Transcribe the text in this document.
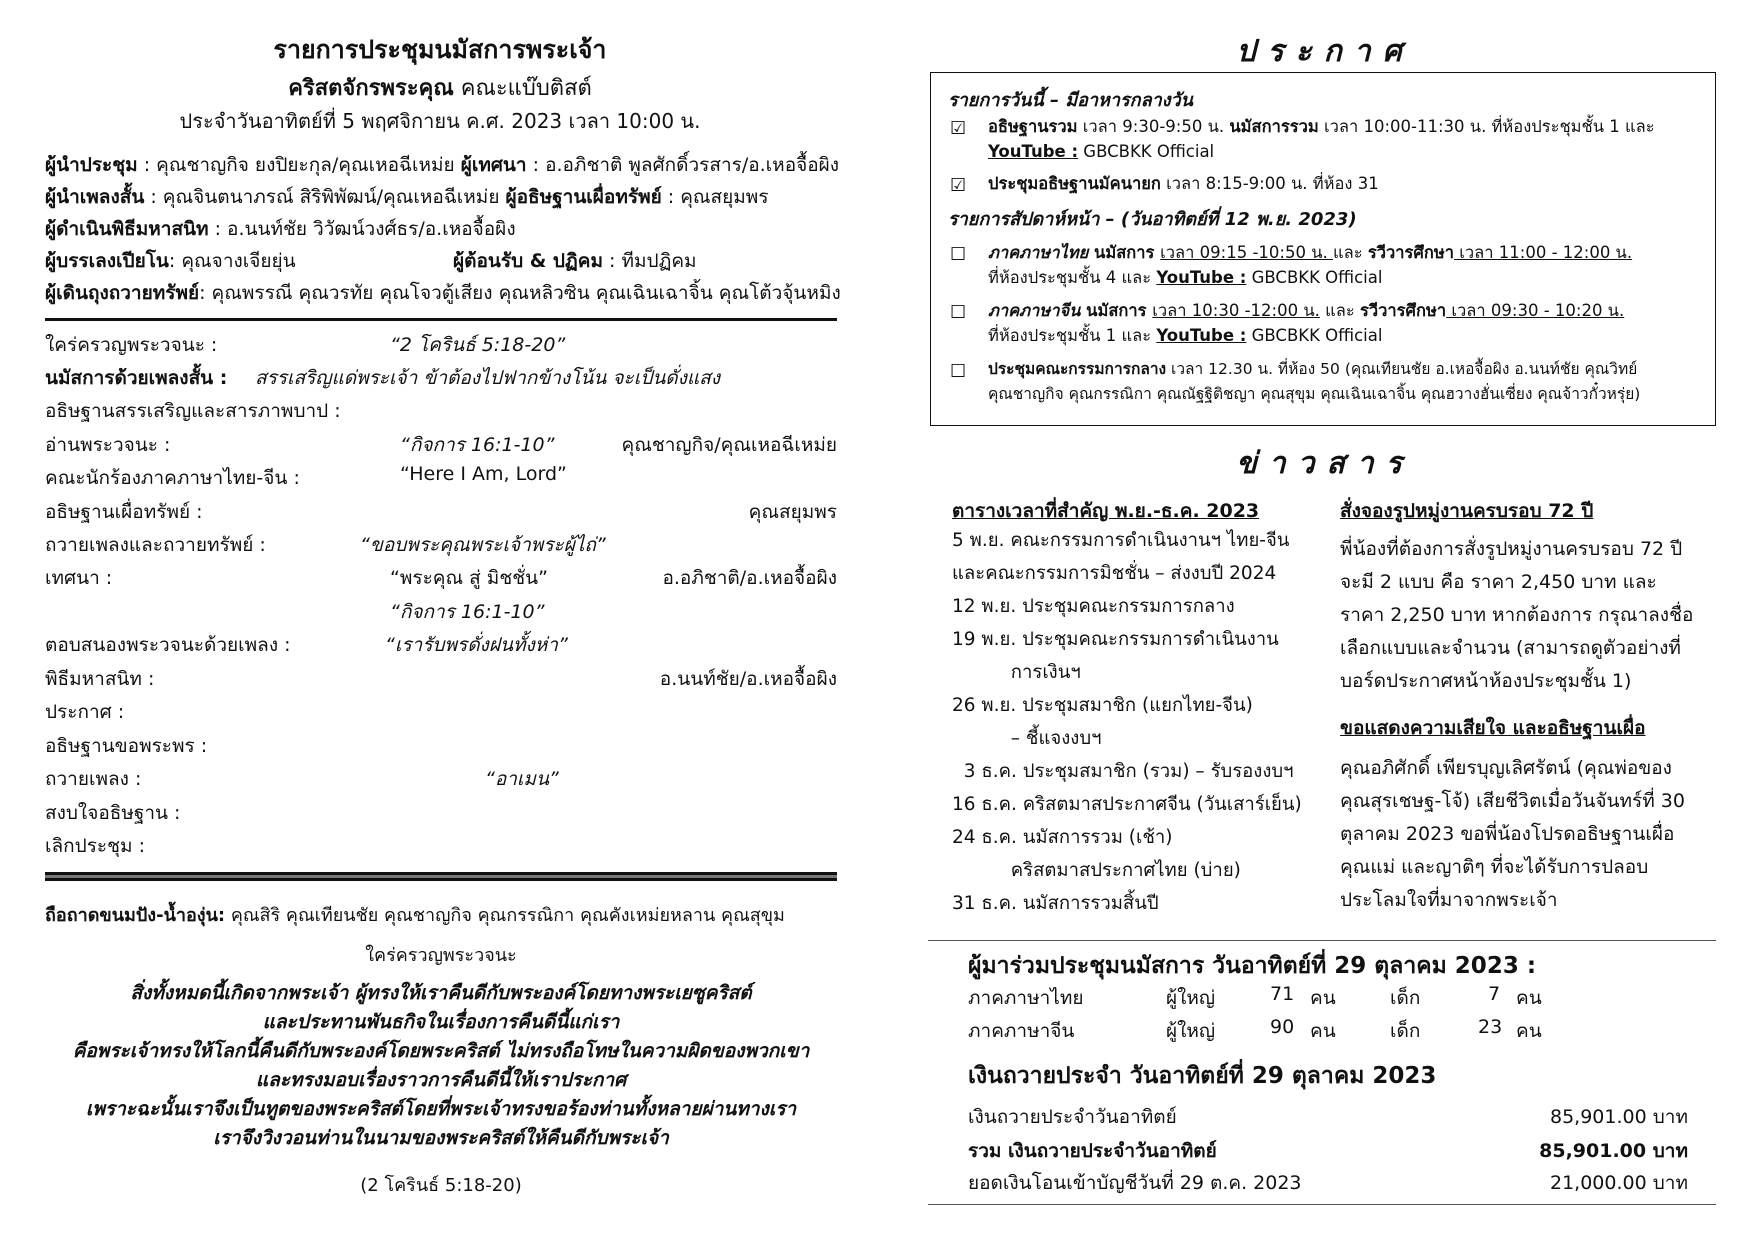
รายการประชุมนมัสการพระเจ้า
คริสตจักรพระคุณ คณะแบ๊บติสต์
ประจำวันอาทิตย์ที่ 5 พฤศจิกายน ค.ศ. 2023 เวลา 10:00 น.
ผู้นำประชุม : คุณชาญกิจ ยงปิยะกุล/คุณเหอฉีเหม่ย ผู้เทศนา : อ.อภิชาติ พูลศักดิ์วรสาร/อ.เหอจื้อผิง
ผู้นำเพลงสั้น : คุณจินตนาภรณ์ สิริพิพัฒน์/คุณเหอฉีเหม่ย ผู้อธิษฐานเผื่อทรัพย์ : คุณสยุมพร
ผู้ดำเนินพิธีมหาสนิท : อ.นนท์ชัย วิวัฒน์วงศ์ธร/อ.เหอจื้อผิง
ผู้บรรเลงเปียโน: คุณจางเจียยุ่น	ผู้ต้อนรับ & ปฏิคม : ทีมปฏิคม
ผู้เดินถุงถวายทรัพย์: คุณพรรณี คุณวรทัย คุณโจวตู้เสียง คุณหลิวซิน คุณเฉินเฉาจิ้น คุณโต้วจุ้นหมิง
ใคร่ครวญพระวจนะ :	“2 โครินธ์ 5:18-20”
นมัสการด้วยเพลงสั้น : สรรเสริญแด่พระเจ้า ข้าต้องไปฟากข้างโน้น จะเป็นดั่งแสง
อธิษฐานสรรเสริญและสารภาพบาป :
อ่านพระวจนะ :	“กิจการ 16:1-10”	คุณชาญกิจ/คุณเหอฉีเหม่ย
คณะนักร้องภาคภาษาไทย-จีน :	“Here I Am, Lord”
อธิษฐานเผื่อทรัพย์ :	คุณสยุมพร
ถวายเพลงและถวายทรัพย์ :	“ขอบพระคุณพระเจ้าพระผู้ไถ่”
เทศนา :	“พระคุณ สู่ มิชชั่น”	อ.อภิชาติ/อ.เหอจื้อผิง
“กิจการ 16:1-10”
ตอบสนองพระวจนะด้วยเพลง :	“เรารับพรดั่งฝนทั้งห่า”
พิธีมหาสนิท :	อ.นนท์ชัย/อ.เหอจื้อผิง
ประกาศ :
อธิษฐานขอพระพร :
ถวายเพลง :	“อาเมน”
สงบใจอธิษฐาน :
เลิกประชุม :
ถือถาดขนมปัง-น้ำองุ่น: คุณสิริ คุณเทียนชัย คุณชาญกิจ คุณกรรณิกา คุณคังเหม่ยหลาน คุณสุขุม
ใคร่ครวญพระวจนะ
สิ่งทั้งหมดนี้เกิดจากพระเจ้า ผู้ทรงให้เราคืนดีกับพระองค์โดยทางพระเยซูคริสต์
และประทานพันธกิจในเรื่องการคืนดีนี้แก่เรา
คือพระเจ้าทรงให้โลกนี้คืนดีกับพระองค์โดยพระคริสต์ ไม่ทรงถือโทษในความผิดของพวกเขา
และทรงมอบเรื่องราวการคืนดีนี้ให้เราประกาศ
เพราะฉะนั้นเราจึงเป็นทูตของพระคริสต์โดยที่พระเจ้าทรงขอร้องท่านทั้งหลายผ่านทางเรา
เราจึงวิงวอนท่านในนามของพระคริสต์ให้คืนดีกับพระเจ้า
(2 โครินธ์ 5:18-20)
ประกาศ
รายการวันนี้ – มีอาหารกลางวัน
☑ อธิษฐานรวม เวลา 9:30-9:50 น. นมัสการรวม เวลา 10:00-11:30 น. ที่ห้องประชุมชั้น 1 และ
YouTube : GBCBKK Official
☑ ประชุมอธิษฐานมัคนายก เวลา 8:15-9:00 น. ที่ห้อง 31
รายการสัปดาห์หน้า – (วันอาทิตย์ที่ 12 พ.ย. 2023)
☐ ภาคภาษาไทย นมัสการ เวลา 09:15 -10:50 น. และ รวีวารศึกษา เวลา 11:00 - 12:00 น.
ที่ห้องประชุมชั้น 4 และ YouTube : GBCBKK Official
☐ ภาคภาษาจีน นมัสการ เวลา 10:30 -12:00 น. และ รวีวารศึกษา เวลา 09:30 - 10:20 น.
ที่ห้องประชุมชั้น 1 และ YouTube : GBCBKK Official
☐ ประชุมคณะกรรมการกลาง เวลา 12.30 น. ที่ห้อง 50 (คุณเทียนชัย อ.เหอจื้อผิง อ.นนท์ชัย คุณวิทย์
คุณชาญกิจ คุณกรรณิกา คุณณัฐฐิติชญา คุณสุขุม คุณเฉินเฉาจิ้น คุณฮวางฮั่นเซี่ยง คุณจ้าวกั๋วหรุ่ย)
ข่าวสาร
ตารางเวลาที่สำคัญ พ.ย.-ธ.ค. 2023
5 พ.ย. คณะกรรมการดำเนินงานฯ ไทย-จีน
และคณะกรรมการมิชชั่น – ส่งงบปี 2024
12 พ.ย. ประชุมคณะกรรมการกลาง
19 พ.ย. ประชุมคณะกรรมการดำเนินงาน
การเงินฯ
26 พ.ย. ประชุมสมาชิก (แยกไทย-จีน)
– ชี้แจงงบฯ
3 ธ.ค. ประชุมสมาชิก (รวม) – รับรองงบฯ
16 ธ.ค. คริสตมาสประกาศจีน (วันเสาร์เย็น)
24 ธ.ค. นมัสการรวม (เช้า)
คริสตมาสประกาศไทย (บ่าย)
31 ธ.ค. นมัสการรวมสิ้นปี
สั่งจองรูปหมู่งานครบรอบ 72 ปี
พี่น้องที่ต้องการสั่งรูปหมู่งานครบรอบ 72 ปี จะมี 2 แบบ คือ ราคา 2,450 บาท และราคา 2,250 บาท หากต้องการ กรุณาลงชื่อ เลือกแบบและจำนวน (สามารถดูตัวอย่างที่บอร์ดประกาศหน้าห้องประชุมชั้น 1)
ขอแสดงความเสียใจ และอธิษฐานเผื่อ
คุณอภิศักดิ์ เพียรบุญเลิศรัตน์ (คุณพ่อของคุณสุรเชษฐ-โจ้) เสียชีวิตเมื่อวันจันทร์ที่ 30 ตุลาคม 2023 ขอพี่น้องโปรดอธิษฐานเผื่อคุณแม่ และญาติๆ ที่จะได้รับการปลอบประโลมใจที่มาจากพระเจ้า
ผู้มาร่วมประชุมนมัสการ วันอาทิตย์ที่ 29 ตุลาคม 2023 :
ภาคภาษาไทย	ผู้ใหญ่	71 คน	เด็ก	7 คน
ภาคภาษาจีน	ผู้ใหญ่	90 คน	เด็ก	23 คน
เงินถวายประจำ วันอาทิตย์ที่ 29 ตุลาคม 2023
เงินถวายประจำวันอาทิตย์	85,901.00 บาท
รวม เงินถวายประจำวันอาทิตย์	85,901.00 บาท
ยอดเงินโอนเข้าบัญชีวันที่ 29 ต.ค. 2023	21,000.00 บาท
